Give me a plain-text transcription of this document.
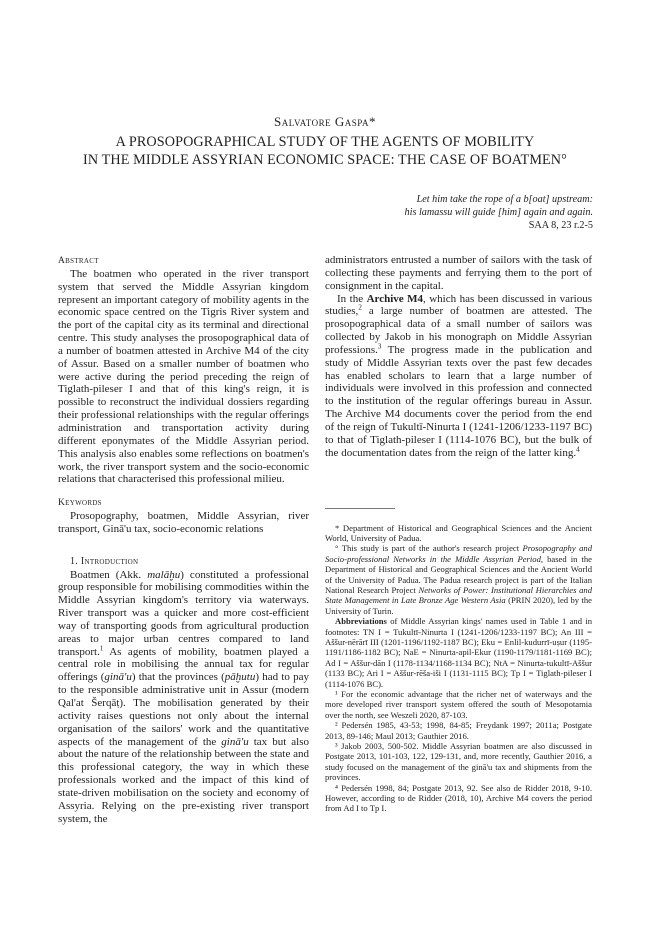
Salvatore Gaspa*
A PROSOPOGRAPHICAL STUDY OF THE AGENTS OF MOBILITY
IN THE MIDDLE ASSYRIAN ECONOMIC SPACE: THE CASE OF BOATMEN°
Let him take the rope of a b[oat] upstream:
his lamassu will guide [him] again and again.
SAA 8, 23 r.2-5

Abstract

The boatmen who operated in the river transport system that served the Middle Assyrian kingdom represent an important category of mobility agents in the economic space centred on the Tigris River system and the port of the capital city as its terminal and directional centre. This study analyses the prosopographical data of a number of boatmen attested in Archive M4 of the city of Assur. Based on a smaller number of boatmen who were active during the period preceding the reign of Tiglath-pileser I and that of this king's reign, it is possible to reconstruct the individual dossiers regarding their professional relationships with the regular offerings administration and transportation activity during different eponymates of the Middle Assyrian period. This analysis also enables some reflections on boatmen's work, the river transport system and the socio-economic relations that characterised this professional milieu.

Keywords

Prosopography, boatmen, Middle Assyrian, river transport, Ginā'u tax, socio-economic relations

1. Introduction

Boatmen (Akk. malāḫu) constituted a professional group responsible for mobilising commodities within the Middle Assyrian kingdom's territory via waterways. River transport was a quicker and more cost-efficient way of transporting goods from agricultural production areas to major urban centres compared to land transport.$^1$ As agents of mobility, boatmen played a central role in mobilising the annual tax for regular offerings (ginā'u) that the provinces (pāḫutu) had to pay to the responsible administrative unit in Assur (modern Qal'at Šerqāṭ). The mobilisation generated by their activity raises questions not only about the internal organisation of the sailors' work and the quantitative aspects of the management of the ginā'u tax but also about the nature of the relationship between the state and this professional category, the way in which these professionals worked and the impact of this kind of state-driven mobilisation on the society and economy of Assyria. Relying on the pre-existing river transport system, the

administrators entrusted a number of sailors with the task of collecting these payments and ferrying them to the port of consignment in the capital.

In the Archive M4, which has been discussed in various studies,$^2$ a large number of boatmen are attested. The prosopographical data of a small number of sailors was collected by Jakob in his monograph on Middle Assyrian professions.$^3$ The progress made in the publication and study of Middle Assyrian texts over the past few decades has enabled scholars to learn that a large number of individuals were involved in this profession and connected to the institution of the regular offerings bureau in Assur. The Archive M4 documents cover the period from the end of the reign of Tukultī-Ninurta I (1241-1206/1233-1197 BC) to that of Tiglath-pileser I (1114-1076 BC), but the bulk of the documentation dates from the reign of the latter king.$^4$

* Department of Historical and Geographical Sciences and the Ancient World, University of Padua.

° This study is part of the author's research project Prosopography and Socio-professional Networks in the Middle Assyrian Period, based in the Department of Historical and Geographical Sciences and the Ancient World of the University of Padua. The Padua research project is part of the Italian National Research Project Networks of Power: Institutional Hierarchies and State Management in Late Bronze Age Western Asia (PRIN 2020), led by the University of Turin.

Abbreviations of Middle Assyrian kings' names used in Table 1 and in footnotes: TN I = Tukultī-Ninurta I (1241-1206/1233-1197 BC); An III = Aššur-nērārī III (1201-1196/1192-1187 BC); Eku = Enlil-kudurrī-uṣur (1195-1191/1186-1182 BC); NaE = Ninurta-apil-Ekur (1190-1179/1181-1169 BC); Ad I = Aššur-dān I (1178-1134/1168-1134 BC); NtA = Ninurta-tukultī-Aššur (1133 BC); Ari I = Aššur-rēša-iši I (1131-1115 BC); Tp I = Tiglath-pileser I (1114-1076 BC).

¹ For the economic advantage that the richer net of waterways and the more developed river transport system offered the south of Mesopotamia over the north, see Weszeli 2020, 87-103.

² Pedersén 1985, 43-53; 1998, 84-85; Freydank 1997; 2011a; Postgate 2013, 89-146; Maul 2013; Gauthier 2016.

³ Jakob 2003, 500-502. Middle Assyrian boatmen are also discussed in Postgate 2013, 101-103, 122, 129-131, and, more recently, Gauthier 2016, a study focused on the management of the ginā'u tax and shipments from the provinces.

⁴ Pedersén 1998, 84; Postgate 2013, 92. See also de Ridder 2018, 9-10. However, according to de Ridder (2018, 10), Archive M4 covers the period from Ad I to Tp I.
